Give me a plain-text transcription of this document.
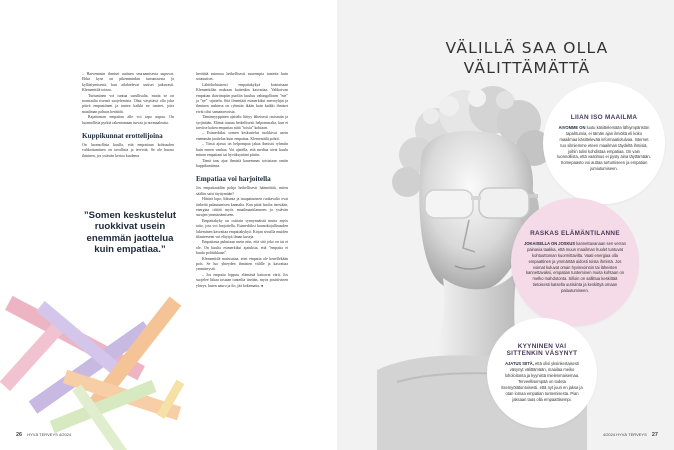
– Harvemmin ihmiset uutinen seuraamisesta uupuvat. Ehkä kyse on pikemminkin turtumisesta ja kyllästymisestä, kun ailahtelevat uutiset jatkuvasti. Klementtilä toteaa.

Turtuminen voi tuntua surullisalta, mutta se on normaalia itsensä suojelemista. Ohut väsyttävä olla joka päivä empaattinen ja tuntea kaikki ne tunteet, joita maailman pahuus herättää.

Rajattoman empatian alle voi tapa uupua. On luonnollista pyrkiä rakentamaan turvaa ja normaaleutta.

Kuppikunnat erottelijoina

On luonnollista kuulla, että empatiaan kohtuuden valikoituminen on tavallista ja tervettä. Se ole huono ihminen, jos ystävän kertoa kuulema

”Somen keskustelut ruokkivat usein enemmän jaottelua kuin empatiaa.”

herättää minussa heikellisesti suurempia tunteita kuin sotauutiset.

Lähtökohtaisesti empatiakykyä kaistaisaan Klementtilän mukaan kuitenkin kasvattaa. Valikoivan empatian ikäviimpiin puoliin kuuluu vahingollinen ”me” ja ”ne” -ajattelu. Sitä ilmentäät esimerkiksi meroryhjat ja ihminen tuskinsa on ryhmiin ikään kuin kaikki ihmiset eivät olisi samanarvoisia.

Tämänryyppinen ajattelu liittyy läheisesti rasismiin ja syrjintään. Elämä tuntuu heikellisesti helpommalta, kun ei tarvitse kokea empatiaa niitä ”toisia” kohtaan.

– Esimerkiksi somen keskustelut ruokkivat usein enemmän jaottelua kuin empatiaa. Klementtilä pohtii.

– Tässä ajassa on helpompaa jakaa ihmisiä ryhmiin kuin ennen vanhaa. Voi ajatella, että mediaa aivat kuulu minun empatiani tai hyväksyntäni piiriin.

Tämä taas ajaa ihmisiä kauemmas toisistaan omiin kuppikuntiinsa.

Empatiaa voi harjoitella

Jos empatiaaidiin pohja heikellisesti häämöttää, miten sääliin saisi täyttymään?

Hittärä lopo, liikunta ja tasapainoinen ruokavalio ovat tärkeitä palautumisen kannalta. Kun pitää huolta itsestään, energiaa riittää myös maailmantilanneen ja ystävän surujen ymmärtämiseen.

Empatiakyky on osittain synnynnäistä mutta myös taito, jota voi harjoitella. Esimerkiksi kaunokirjallisuuden lukeminen kasvattaa empatiakykyä. Kirjan sivuilla muiden tilanteeseen voi eläytyä ilman kuseja.

Empatiasta puhutaan usein niin, että sitä joko on tai ei ole. On kuulta esimerkiksi ajatuksia, että ”empatia ei kuulu politiikkaan”.

Klementtilä muistuttaa, ettei empatia ole kenellekään pois. Se luo yhteyden ihmisten välille ja kasvattaa ymmärrystä.

– Jos empatia loppuu, elämästä katoavat värit. Jos suojelee liikaa tosiaan tunteilta itseään, myös positiivinen yhteys, kuten nauru ja ilo, jää kokematta. ●

26 HYVÄ TERVEYS 4/2024
VÄLILLÄ SAA OLLA VÄLITTÄMÄTTÄ
LIIAN ISO MAAILMA
AIVOMME ON luotu käsittelemään lähiympäristön tapahtumia, ei tämän ajan ilmiöitä eli koko maailmaa käsittelevää informaatiotulvaa. Internet tuo silmiemme eteen maailman täydeltä ihmisiä, joihin tulisi kohdistaa empatiaa. On vain luonnollista, että vaatimus ei pysty aina täyttämään. Somepaasto voi auttaa turtumiseen ja empatian jumiutumiseen.
RASKAS ELÄMÄNTILANNE
JOKAISELLA ON JOSKUS kannettavanaan sen verran painavia taakka, että muun maailman huolet tuntuvat kohtuuttoman kuormittavilta. Vaati energiaa olla empaattinen ja ymmärtää aidosti toista ihmistä. Jos voimat kuluvat oman hyvinvoinnin tai läheisten kannettavaksi, empatian tunteminen muita kohtaan on melko mahdotonta. Silloin on sallittua keskittää tietoisesti katsella uutisiinta ja keskittyä omaan palautumiseen.
KYYNINEN VAI SITTENKIN VÄSYNYT
AJATUS SIITÄ, että olisi yksinkertaisesti väsynyt välittämään, maailaa meiko loholoitonta ja kyynistä mielenmaisemaa. Terveellisempää on todeta itsemyötätuntoisesti, että nyt juuri en jaksa ja otan lomaa empatian tuntemisesta. Pian jaksaan taas olla empaattisempi.
4/2024 HYVÄ TERVEYS 27
